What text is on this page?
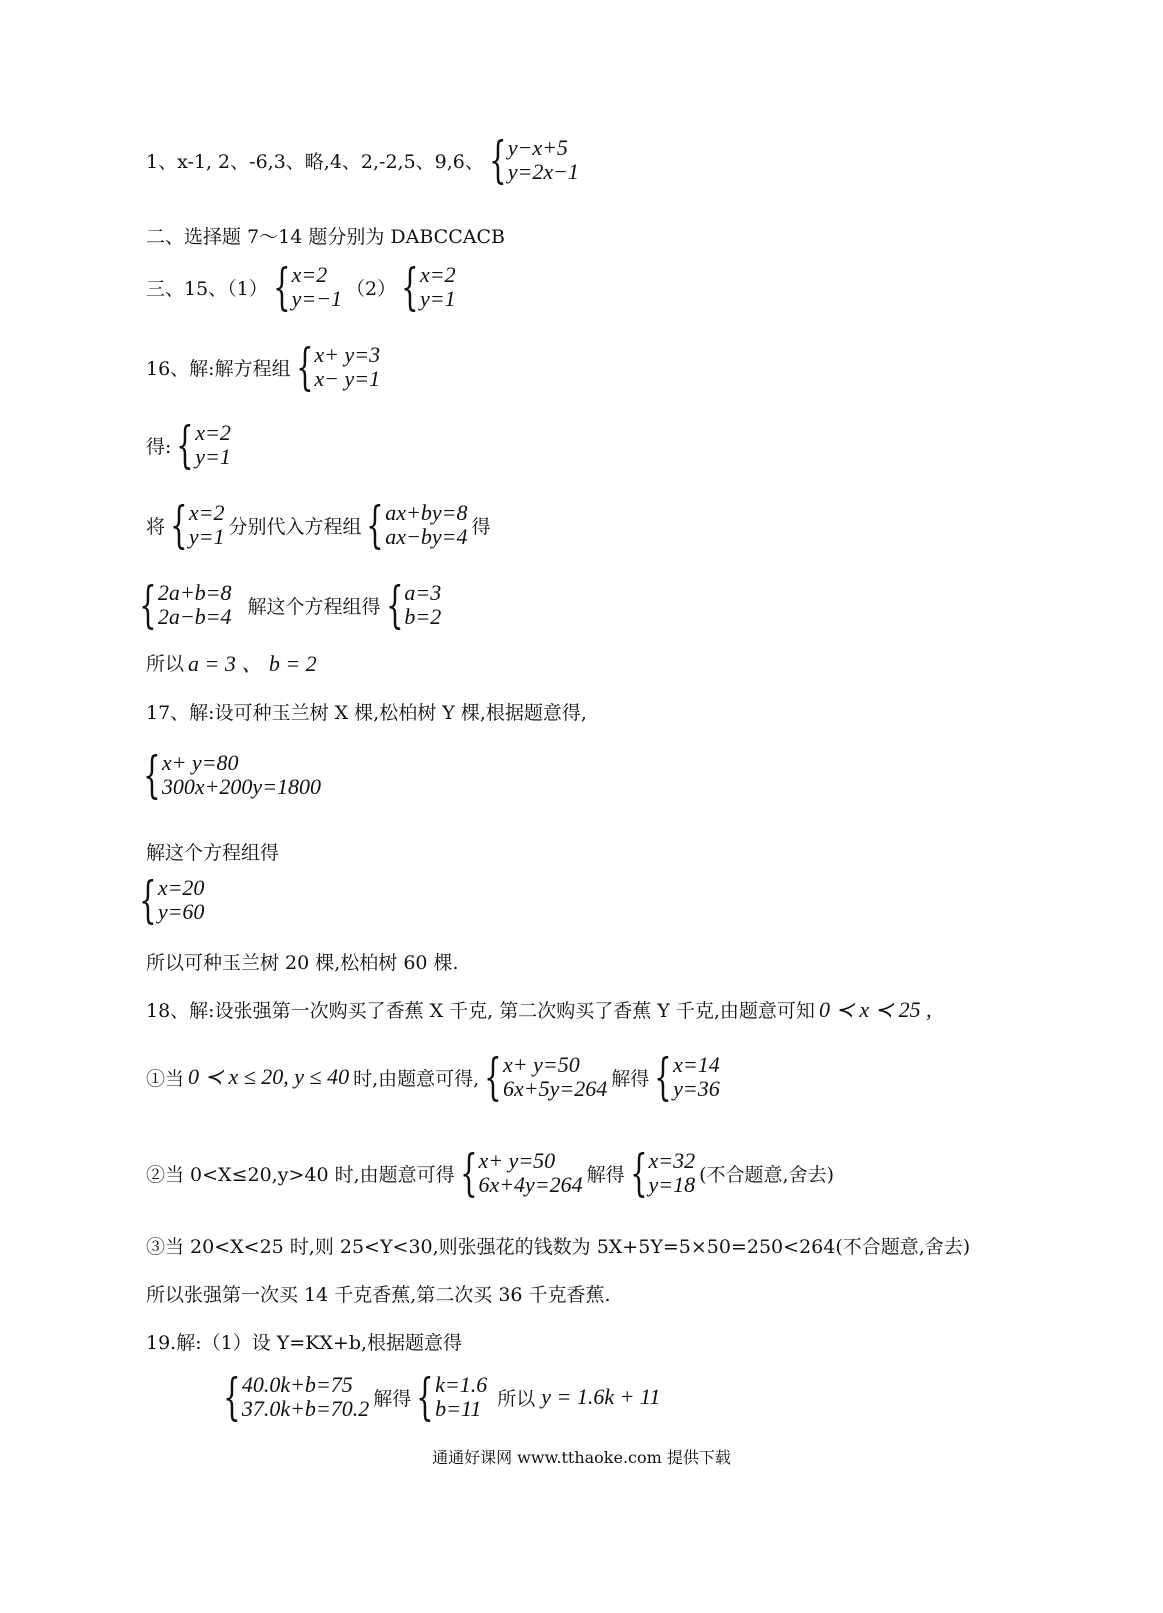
1、x-1, 2、-6,3、略,4、2,-2,5、9,6、 { y−x+5
y=2x−1
二、选择题 7～14 题分别为 DABCCACB
三、15、（1） { x=2
y=−1 （2） { x=2
y=1
16、解:解方程组 { x+ y=3
x− y=1
得: { x=2
y=1
将 { x=2
y=1 分别代入方程组 { ax+by=8
ax−by=4 得
{ 2a+b=8
2a−b=4 解这个方程组得 { a=3
b=2
所以 a = 3 、 b = 2
17、解:设可种玉兰树 X 棵,松柏树 Y 棵,根据题意得,
{ x+ y=80
300x+200y=1800
解这个方程组得
{ x=20
y=60
所以可种玉兰树 20 棵,松柏树 60 棵.
18、解:设张强第一次购买了香蕉 X 千克, 第二次购买了香蕉 Y 千克,由题意可知 0 ≺ x ≺ 25 ,
①当 0 ≺ x ≤ 20, y ≤ 40 时,由题意可得, { x+ y=50
6x+5y=264 解得 { x=14
y=36
②当 0<X≤20,y>40 时,由题意可得 { x+ y=50
6x+4y=264 解得 { x=32
y=18 (不合题意,舍去)
③当 20<X<25 时,则 25<Y<30,则张强花的钱数为 5X+5Y=5×50=250<264(不合题意,舍去)
所以张强第一次买 14 千克香蕉,第二次买 36 千克香蕉.
19.解:（1）设 Y=KX+b,根据题意得
{ 40.0k+b=75
37.0k+b=70.2 解得 { k=1.6
b=11 所以 y = 1.6k + 11
通通好课网 www.tthaoke.com 提供下载
